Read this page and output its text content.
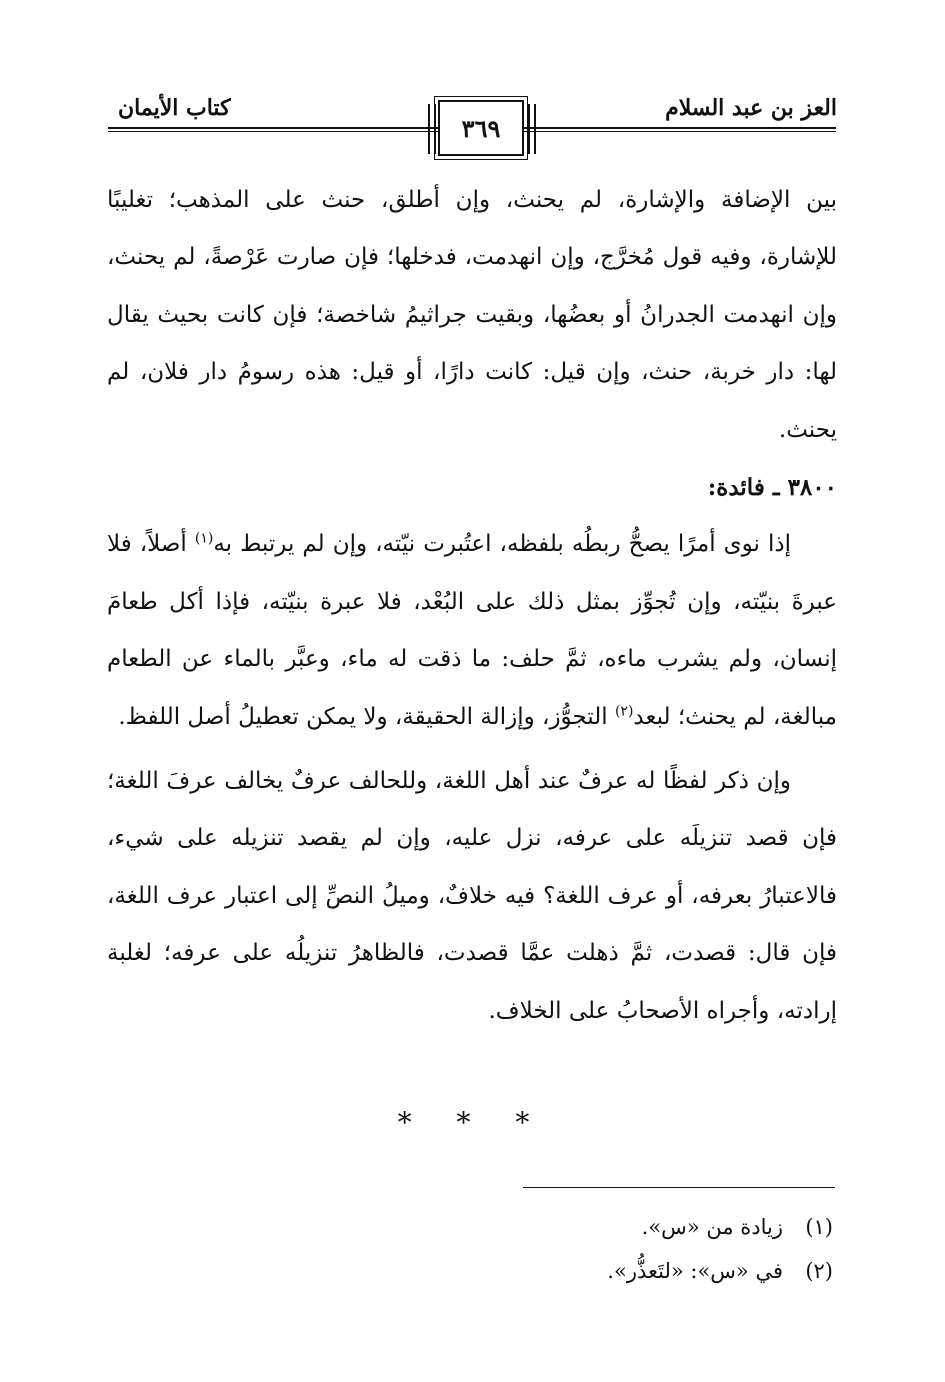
العز بن عبد السلام
كتاب الأيمان
٣٦٩

بين الإضافة والإشارة، لم يحنث، وإن أطلق، حنث على المذهب؛ تغليبًا للإشارة، وفيه قول مُخرَّج، وإن انهدمت، فدخلها؛ فإن صارت عَرْصةً، لم يحنث، وإن انهدمت الجدرانُ أو بعضُها، وبقيت جراثيمُ شاخصة؛ فإن كانت بحيث يقال لها: دار خربة، حنث، وإن قيل: كانت دارًا، أو قيل: هذه رسومُ دار فلان، لم يحنث.

٣٨٠٠ ـ فائدة:

إذا نوى أمرًا يصحُّ ربطُه بلفظه، اعتُبرت نيّته، وإن لم يرتبط به$^{(١)}$ أصلاً، فلا عبرةَ بنيّته، وإن تُجوِّز بمثل ذلك على البُعْد، فلا عبرة بنيّته، فإذا أكل طعامَ إنسان، ولم يشرب ماءه، ثمَّ حلف: ما ذقت له ماء، وعبَّر بالماء عن الطعام مبالغة، لم يحنث؛ لبعد$^{(٢)}$ التجوُّز، وإزالة الحقيقة، ولا يمكن تعطيلُ أصل اللفظ.

وإن ذكر لفظًا له عرفٌ عند أهل اللغة، وللحالف عرفٌ يخالف عرفَ اللغة؛ فإن قصد تنزيلَه على عرفه، نزل عليه، وإن لم يقصد تنزيله على شيء، فالاعتبارُ بعرفه، أو عرف اللغة؟ فيه خلافٌ، وميلُ النصِّ إلى اعتبار عرف اللغة، فإن قال: قصدت، ثمَّ ذهلت عمَّا قصدت، فالظاهرُ تنزيلُه على عرفه؛ لغلبة إرادته، وأجراه الأصحابُ على الخلاف.

* * *
(١)زيادة من «س».
(٢)في «س»: «لتَعذُّر».
